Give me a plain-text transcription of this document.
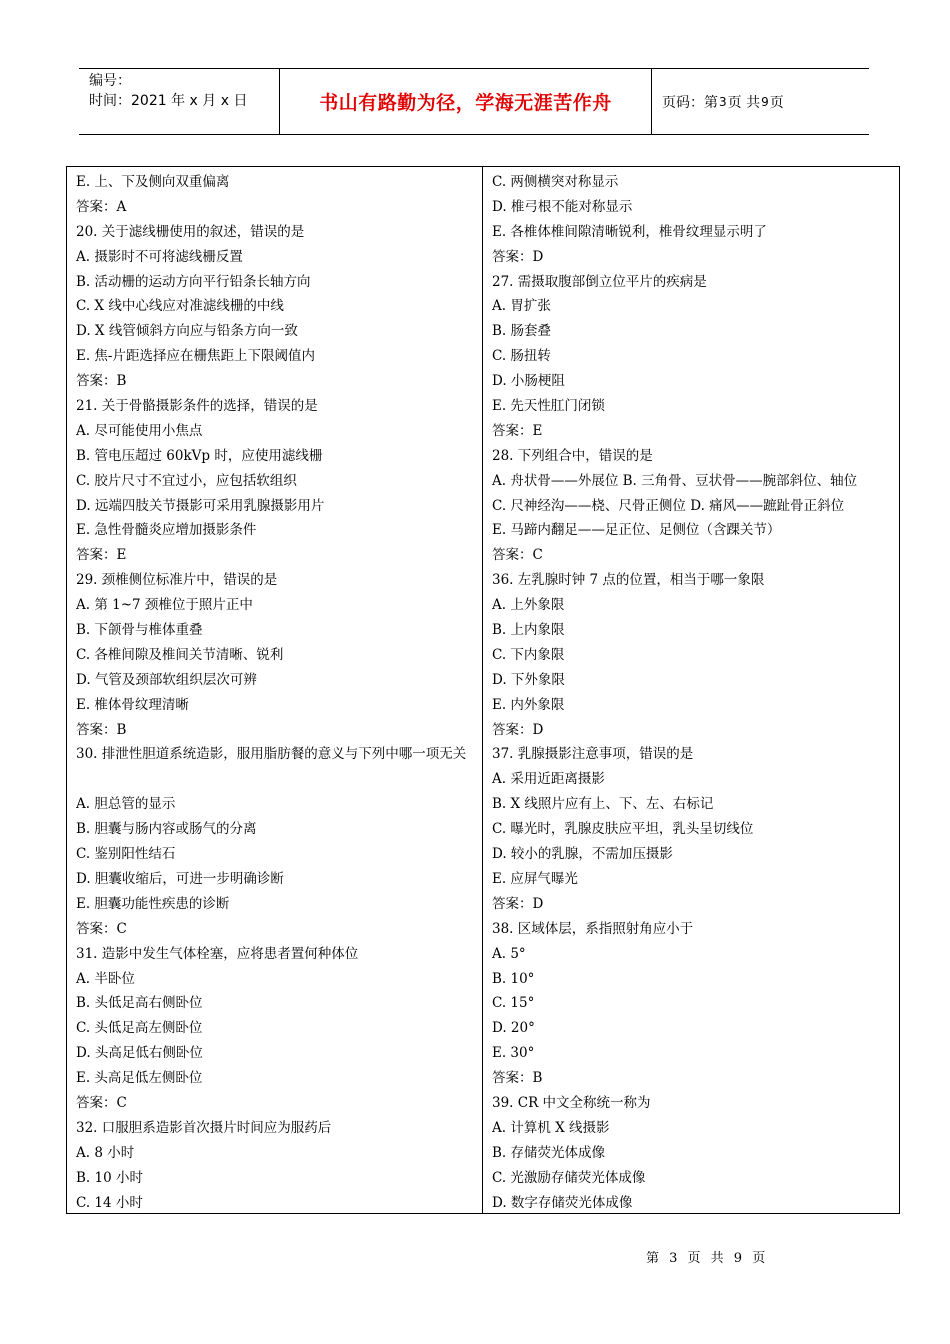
编号：
时间：2021 年 x 月 x 日	书山有路勤为径，学海无涯苦作舟	页码：第 3 页 共 9 页
E. 上、下及侧向双重偏离
答案：A
20. 关于滤线栅使用的叙述，错误的是
A. 摄影时不可将滤线栅反置
B. 活动栅的运动方向平行铅条长轴方向
C. X 线中心线应对准滤线栅的中线
D. X 线管倾斜方向应与铅条方向一致
E. 焦-片距选择应在栅焦距上下限阈值内
答案：B
21. 关于骨骼摄影条件的选择，错误的是
A. 尽可能使用小焦点
B. 管电压超过 60kVp 时，应使用滤线栅
C. 胶片尺寸不宜过小，应包括软组织
D. 远端四肢关节摄影可采用乳腺摄影用片
E. 急性骨髓炎应增加摄影条件
答案：E
29. 颈椎侧位标准片中，错误的是
A. 第 1~7 颈椎位于照片正中
B. 下颌骨与椎体重叠
C. 各椎间隙及椎间关节清晰、锐利
D. 气管及颈部软组织层次可辨
E. 椎体骨纹理清晰
答案：B
30. 排泄性胆道系统造影，服用脂肪餐的意义与下列中哪一项无关
A. 胆总管的显示
B. 胆囊与肠内容或肠气的分离
C. 鉴别阳性结石
D. 胆囊收缩后，可进一步明确诊断
E. 胆囊功能性疾患的诊断
答案：C
31. 造影中发生气体栓塞，应将患者置何种体位
A. 半卧位
B. 头低足高右侧卧位
C. 头低足高左侧卧位
D. 头高足低右侧卧位
E. 头高足低左侧卧位
答案：C
32. 口服胆系造影首次摄片时间应为服药后
A. 8 小时
B. 10 小时
C. 14 小时
C. 两侧横突对称显示
D. 椎弓根不能对称显示
E. 各椎体椎间隙清晰锐利，椎骨纹理显示明了
答案：D
27. 需摄取腹部倒立位平片的疾病是
A. 胃扩张
B. 肠套叠
C. 肠扭转
D. 小肠梗阻
E. 先天性肛门闭锁
答案：E
28. 下列组合中，错误的是
A. 舟状骨——外展位 B. 三角骨、豆状骨——腕部斜位、轴位
C. 尺神经沟——桡、尺骨正侧位 D. 痛风——蹠趾骨正斜位
E. 马蹄内翻足——足正位、足侧位（含踝关节）
答案：C
36. 左乳腺时钟 7 点的位置，相当于哪一象限
A. 上外象限
B. 上内象限
C. 下内象限
D. 下外象限
E. 内外象限
答案：D
37. 乳腺摄影注意事项，错误的是
A. 采用近距离摄影
B. X 线照片应有上、下、左、右标记
C. 曝光时，乳腺皮肤应平坦，乳头呈切线位
D. 较小的乳腺，不需加压摄影
E. 应屏气曝光
答案：D
38. 区域体层，系指照射角应小于
A. 5°
B. 10°
C. 15°
D. 20°
E. 30°
答案：B
39. CR 中文全称统一称为
A. 计算机 X 线摄影
B. 存储荧光体成像
C. 光激励存储荧光体成像
D. 数字存储荧光体成像
第 3 页 共 9 页
